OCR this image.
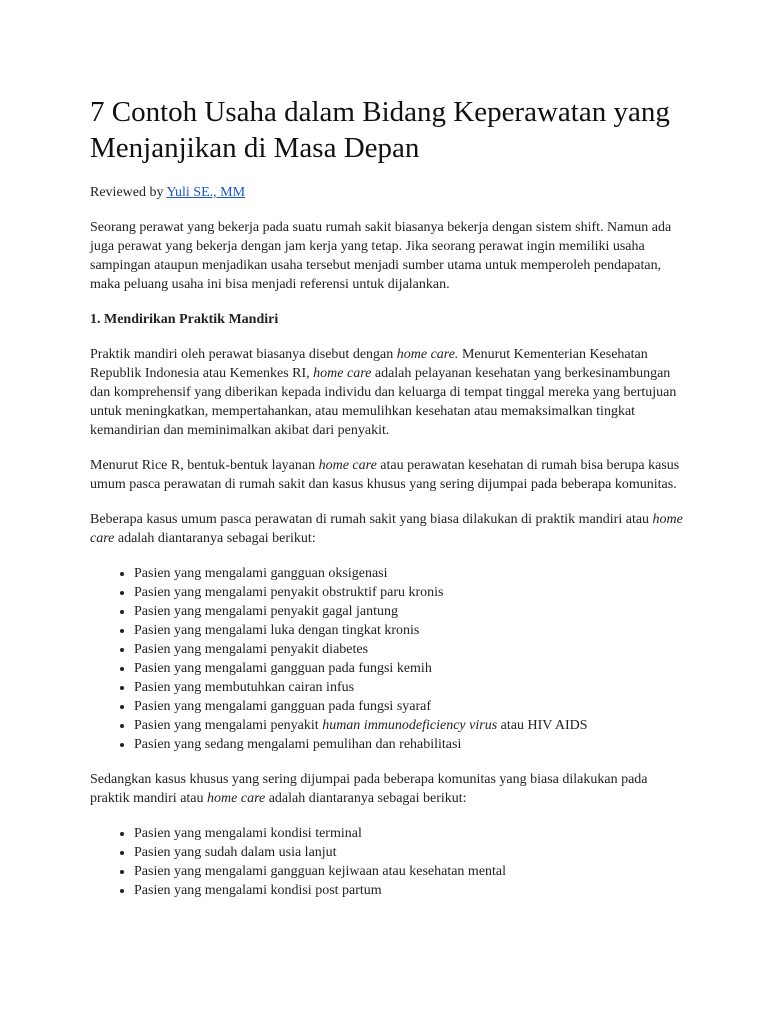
7 Contoh Usaha dalam Bidang Keperawatan yang Menjanjikan di Masa Depan
Reviewed by Yuli SE., MM

Seorang perawat yang bekerja pada suatu rumah sakit biasanya bekerja dengan sistem shift. Namun ada juga perawat yang bekerja dengan jam kerja yang tetap. Jika seorang perawat ingin memiliki usaha sampingan ataupun menjadikan usaha tersebut menjadi sumber utama untuk memperoleh pendapatan, maka peluang usaha ini bisa menjadi referensi untuk dijalankan.

1. Mendirikan Praktik Mandiri

Praktik mandiri oleh perawat biasanya disebut dengan home care. Menurut Kementerian Kesehatan Republik Indonesia atau Kemenkes RI, home care adalah pelayanan kesehatan yang berkesinambungan dan komprehensif yang diberikan kepada individu dan keluarga di tempat tinggal mereka yang bertujuan untuk meningkatkan, mempertahankan, atau memulihkan kesehatan atau memaksimalkan tingkat kemandirian dan meminimalkan akibat dari penyakit.

Menurut Rice R, bentuk-bentuk layanan home care atau perawatan kesehatan di rumah bisa berupa kasus umum pasca perawatan di rumah sakit dan kasus khusus yang sering dijumpai pada beberapa komunitas.

Beberapa kasus umum pasca perawatan di rumah sakit yang biasa dilakukan di praktik mandiri atau home care adalah diantaranya sebagai berikut:

• Pasien yang mengalami gangguan oksigenasi
• Pasien yang mengalami penyakit obstruktif paru kronis
• Pasien yang mengalami penyakit gagal jantung
• Pasien yang mengalami luka dengan tingkat kronis
• Pasien yang mengalami penyakit diabetes
• Pasien yang mengalami gangguan pada fungsi kemih
• Pasien yang membutuhkan cairan infus
• Pasien yang mengalami gangguan pada fungsi syaraf
• Pasien yang mengalami penyakit human immunodeficiency virus atau HIV AIDS
• Pasien yang sedang mengalami pemulihan dan rehabilitasi

Sedangkan kasus khusus yang sering dijumpai pada beberapa komunitas yang biasa dilakukan pada praktik mandiri atau home care adalah diantaranya sebagai berikut:

• Pasien yang mengalami kondisi terminal
• Pasien yang sudah dalam usia lanjut
• Pasien yang mengalami gangguan kejiwaan atau kesehatan mental
• Pasien yang mengalami kondisi post partum
